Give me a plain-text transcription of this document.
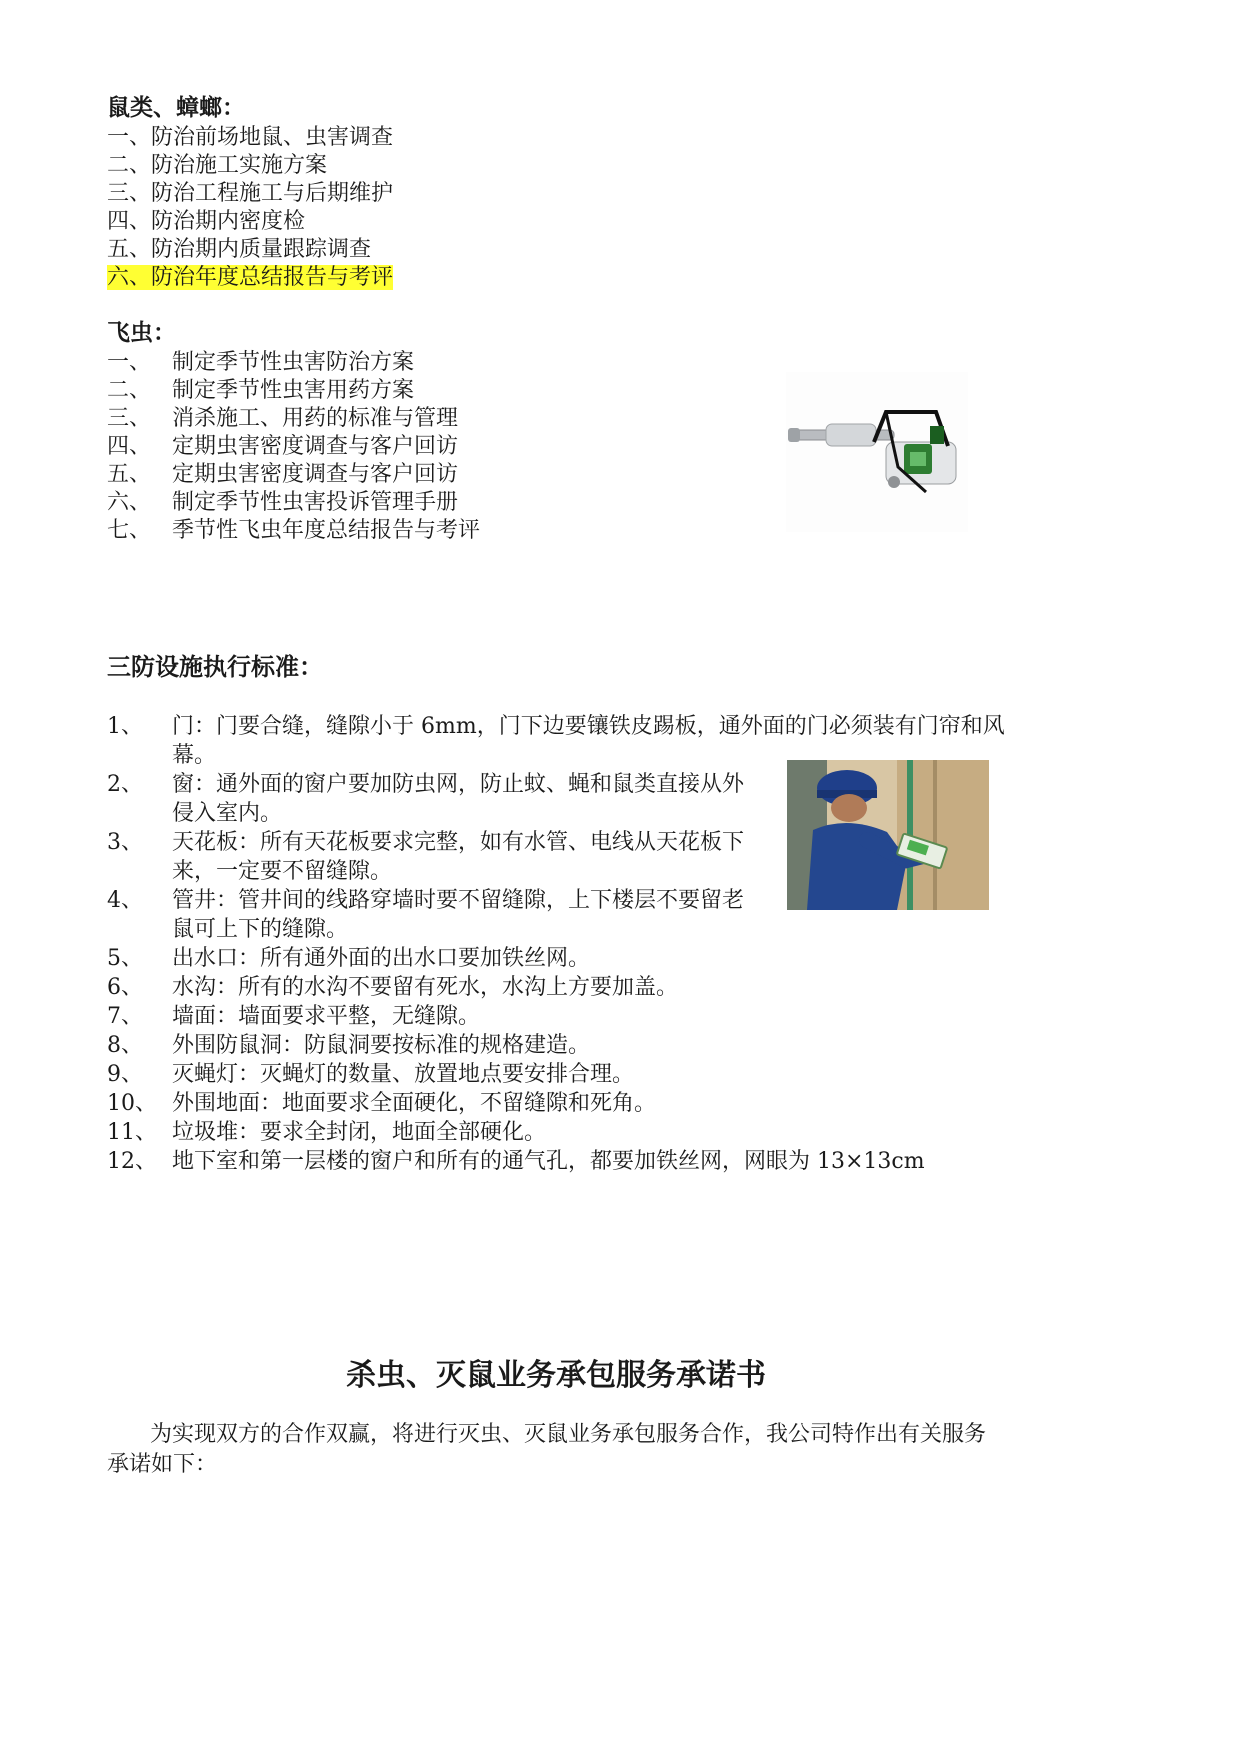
鼠类、蟑螂：
一、防治前场地鼠、虫害调查
二、防治施工实施方案
三、防治工程施工与后期维护
四、防治期内密度检
五、防治期内质量跟踪调查
六、防治年度总结报告与考评
飞虫：
一、 制定季节性虫害防治方案
二、 制定季节性虫害用药方案
三、 消杀施工、用药的标准与管理
四、 定期虫害密度调查与客户回访
五、 定期虫害密度调查与客户回访
六、 制定季节性虫害投诉管理手册
七、 季节性飞虫年度总结报告与考评
三防设施执行标准：
1、 门：门要合缝，缝隙小于 6mm，门下边要镶铁皮踢板，通外面的门必须装有门帘和风
幕。
2、 窗：通外面的窗户要加防虫网，防止蚊、蝇和鼠类直接从外
侵入室内。
3、 天花板：所有天花板要求完整，如有水管、电线从天花板下
来，一定要不留缝隙。
4、 管井：管井间的线路穿墙时要不留缝隙，上下楼层不要留老
鼠可上下的缝隙。
5、 出水口：所有通外面的出水口要加铁丝网。
6、 水沟：所有的水沟不要留有死水，水沟上方要加盖。
7、 墙面：墙面要求平整，无缝隙。
8、 外围防鼠洞：防鼠洞要按标准的规格建造。
9、 灭蝇灯：灭蝇灯的数量、放置地点要安排合理。
10、 外围地面：地面要求全面硬化，不留缝隙和死角。
11、 垃圾堆：要求全封闭，地面全部硬化。
12、 地下室和第一层楼的窗户和所有的通气孔，都要加铁丝网，网眼为 13×13cm
杀虫、灭鼠业务承包服务承诺书
为实现双方的合作双赢，将进行灭虫、灭鼠业务承包服务合作，我公司特作出有关服务
承诺如下：
